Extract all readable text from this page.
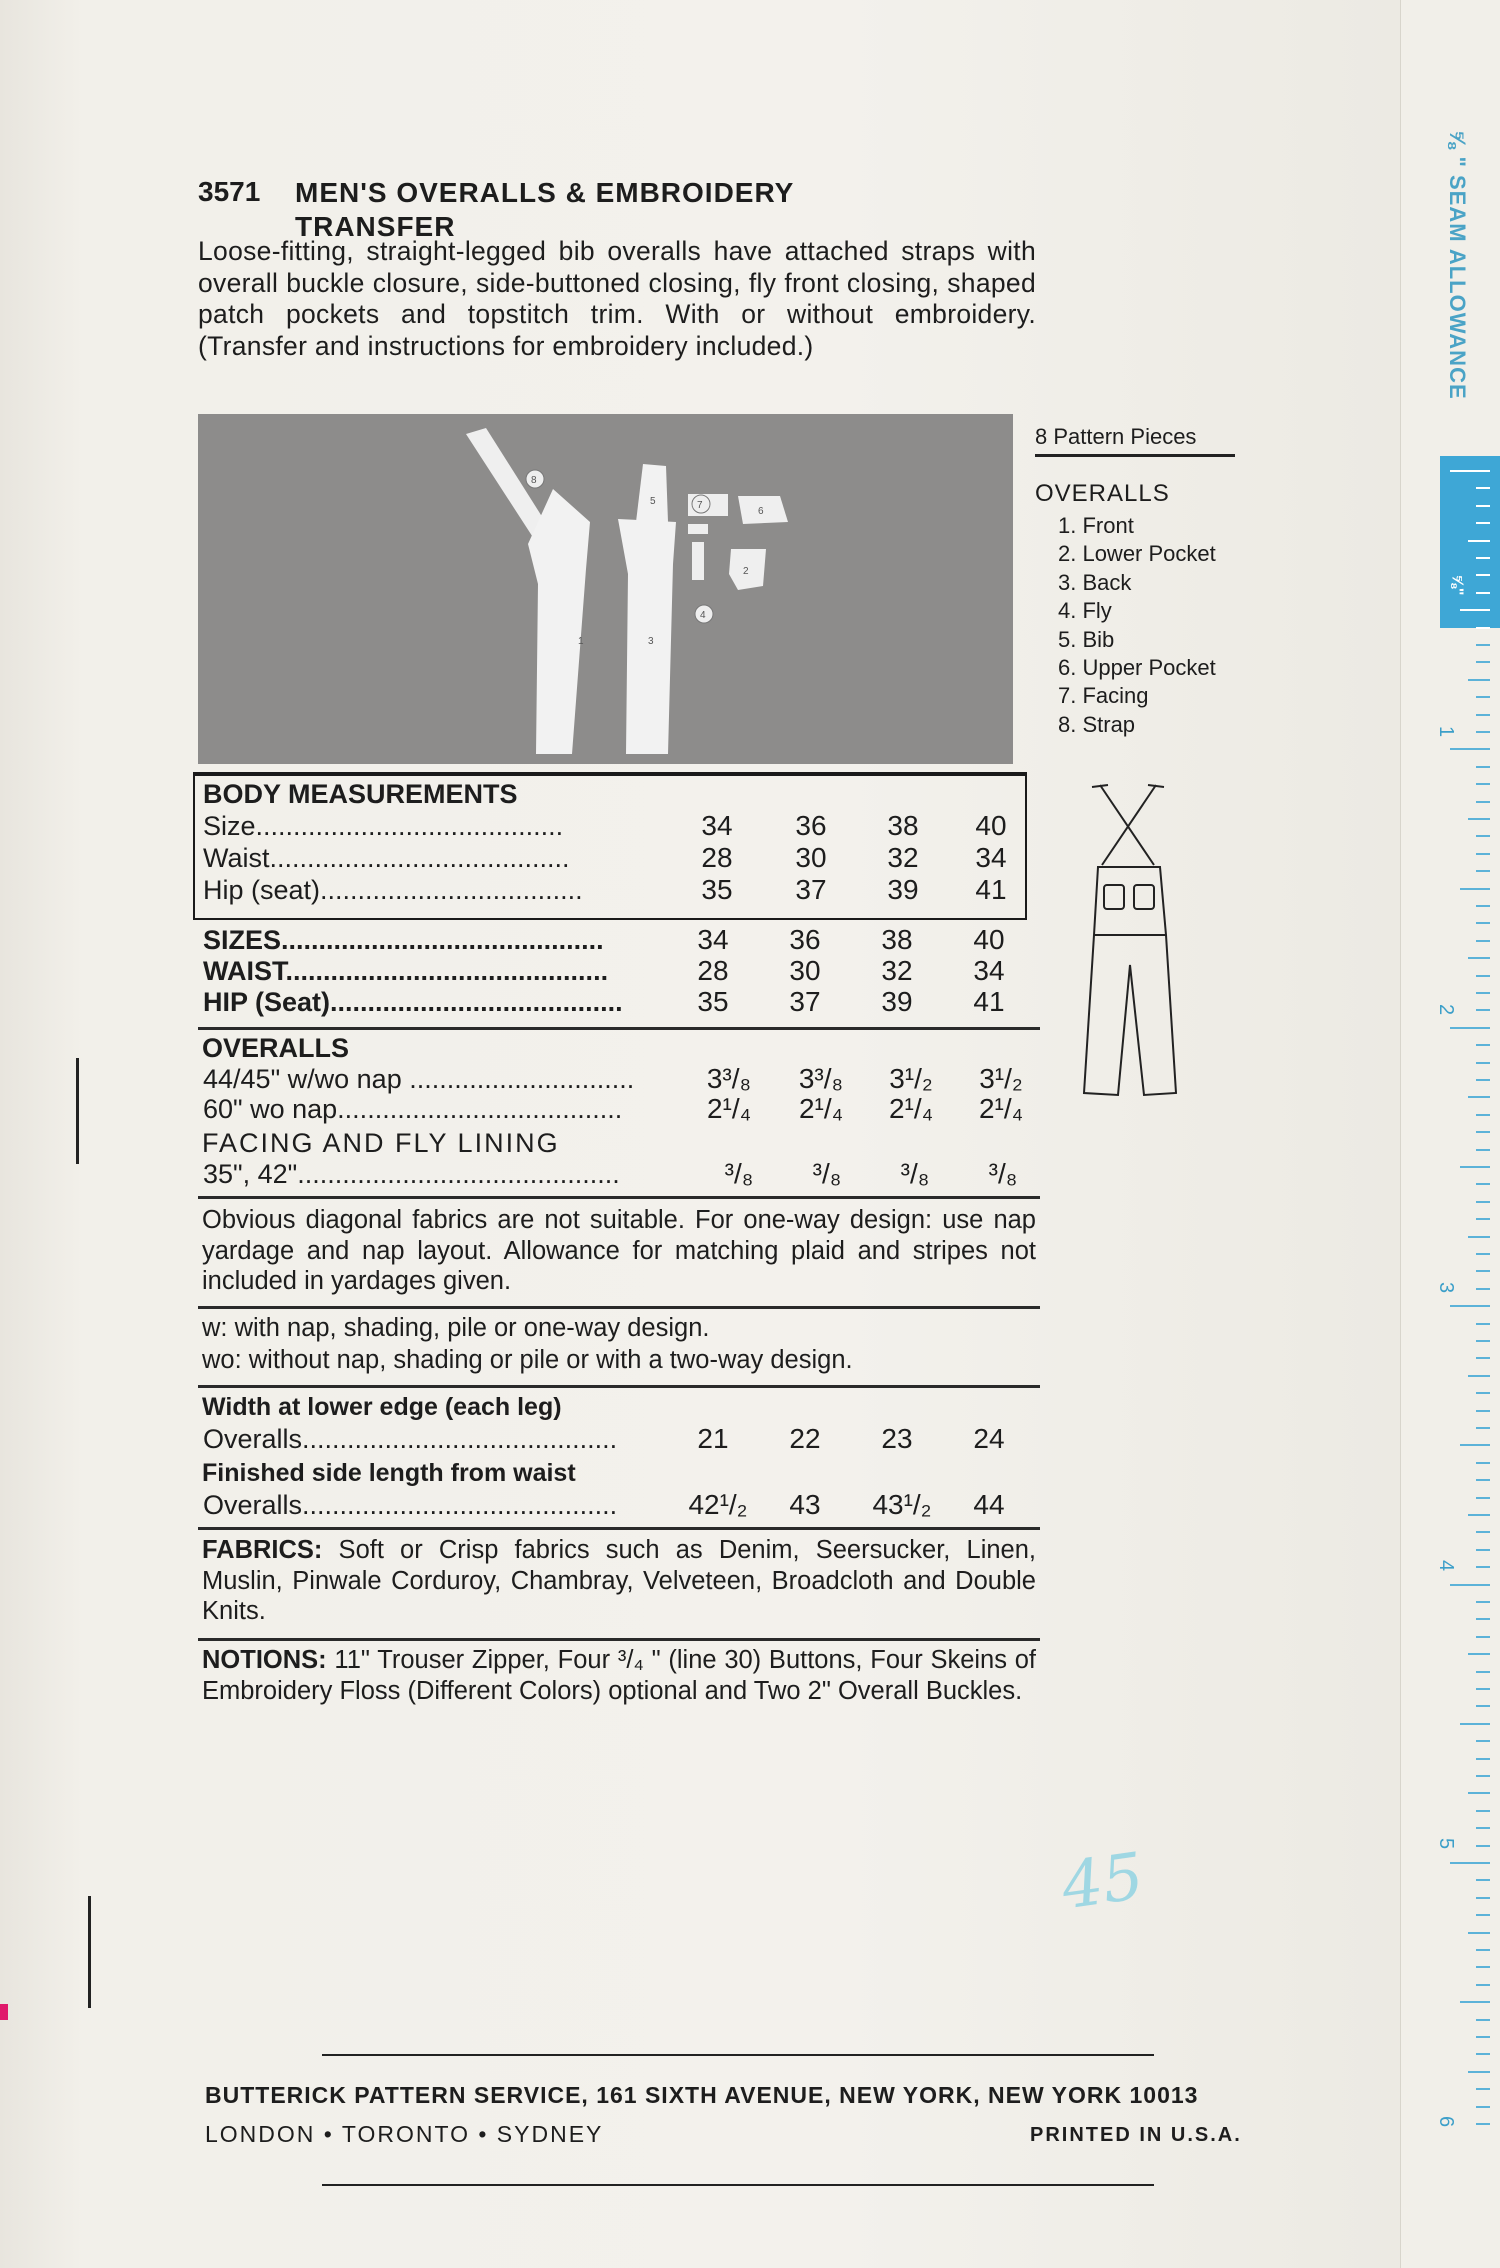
3571 MEN'S OVERALLS & EMBROIDERY TRANSFER
Loose-fitting, straight-legged bib overalls have attached straps with overall buckle closure, side-buttoned closing, fly front closing, shaped patch pockets and topstitch trim. With or without embroidery. (Transfer and instructions for embroidery included.)
8
7
6
5
2
4
1	3
8 Pattern Pieces
OVERALLS
1. Front
2. Lower Pocket
3. Back
4. Fly
5. Bib
6. Upper Pocket
7. Facing
8. Strap
BODY MEASUREMENTS
Size.........................................	34	36	38	40
Waist........................................	28	30	32	34
Hip (seat)...................................	35	37	39	41
SIZES...........................................	34	36	38	40
WAIST...........................................	28	30	32	34
HIP (Seat).......................................	35	37	39	41
OVERALLS
44/45" w/wo nap ..............................	3³/₈ 3³/₈ 3¹/₂ 3¹/₂
60" wo nap......................................	2¹/₄ 2¹/₄ 2¹/₄ 2¹/₄
FACING AND FLY LINING
35", 42"...........................................	³/₈	³/₈	³/₈	³/₈
Obvious diagonal fabrics are not suitable. For one-way design: use nap yardage and nap layout. Allowance for matching plaid and stripes not included in yardages given.
w: with nap, shading, pile or one-way design.
wo: without nap, shading or pile or with a two-way design.
Width at lower edge (each leg)
Overalls..........................................	21	22	23	24
Finished side length from waist
Overalls..........................................	42¹/₂	43	43¹/₂	44
FABRICS: Soft or Crisp fabrics such as Denim, Seersucker, Linen, Muslin, Pinwale Corduroy, Chambray, Velveteen, Broadcloth and Double Knits.
NOTIONS: 11" Trouser Zipper, Four ³/₄ " (line 30) Buttons, Four Skeins of Embroidery Floss (Different Colors) optional and Two 2" Overall Buckles.
45
BUTTERICK PATTERN SERVICE, 161 SIXTH AVENUE, NEW YORK, NEW YORK 10013
LONDON • TORONTO • SYDNEY	PRINTED IN U.S.A.
⅝ " SEAM ALLOWANCE
⅝"
1
2
3
4
5
6
